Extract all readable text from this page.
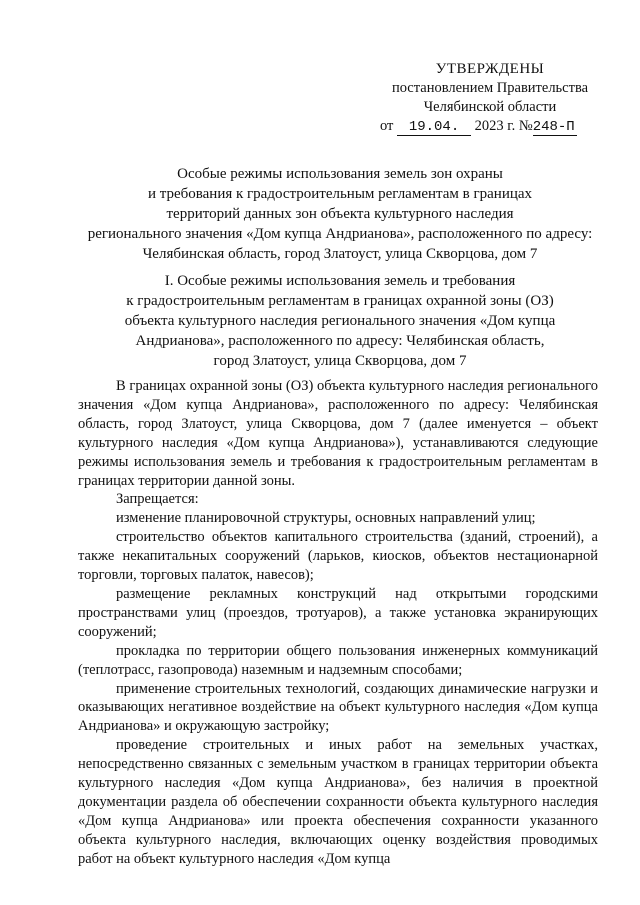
УТВЕРЖДЕНЫ
постановлением Правительства
Челябинской области
от 19.04. 2023 г. №248-П
Особые режимы использования земель зон охраны
и требования к градостроительным регламентам в границах
территорий данных зон объекта культурного наследия
регионального значения «Дом купца Андрианова», расположенного по адресу:
Челябинская область, город Златоуст, улица Скворцова, дом 7
I. Особые режимы использования земель и требования
к градостроительным регламентам в границах охранной зоны (ОЗ)
объекта культурного наследия регионального значения «Дом купца
Андрианова», расположенного по адресу: Челябинская область,
город Златоуст, улица Скворцова, дом 7

В границах охранной зоны (ОЗ) объекта культурного наследия регионального значения «Дом купца Андрианова», расположенного по адресу: Челябинская область, город Златоуст, улица Скворцова, дом 7 (далее именуется – объект культурного наследия «Дом купца Андрианова»), устанавливаются следующие режимы использования земель и требования к градостроительным регламентам в границах территории данной зоны.

Запрещается:

изменение планировочной структуры, основных направлений улиц;

строительство объектов капитального строительства (зданий, строений), а также некапитальных сооружений (ларьков, киосков, объектов нестационарной торговли, торговых палаток, навесов);

размещение рекламных конструкций над открытыми городскими пространствами улиц (проездов, тротуаров), а также установка экранирующих сооружений;

прокладка по территории общего пользования инженерных коммуникаций (теплотрасс, газопровода) наземным и надземным способами;

применение строительных технологий, создающих динамические нагрузки и оказывающих негативное воздействие на объект культурного наследия «Дом купца Андрианова» и окружающую застройку;

проведение строительных и иных работ на земельных участках, непосредственно связанных с земельным участком в границах территории объекта культурного наследия «Дом купца Андрианова», без наличия в проектной документации раздела об обеспечении сохранности объекта культурного наследия «Дом купца Андрианова» или проекта обеспечения сохранности указанного объекта культурного наследия, включающих оценку воздействия проводимых работ на объект культурного наследия «Дом купца
